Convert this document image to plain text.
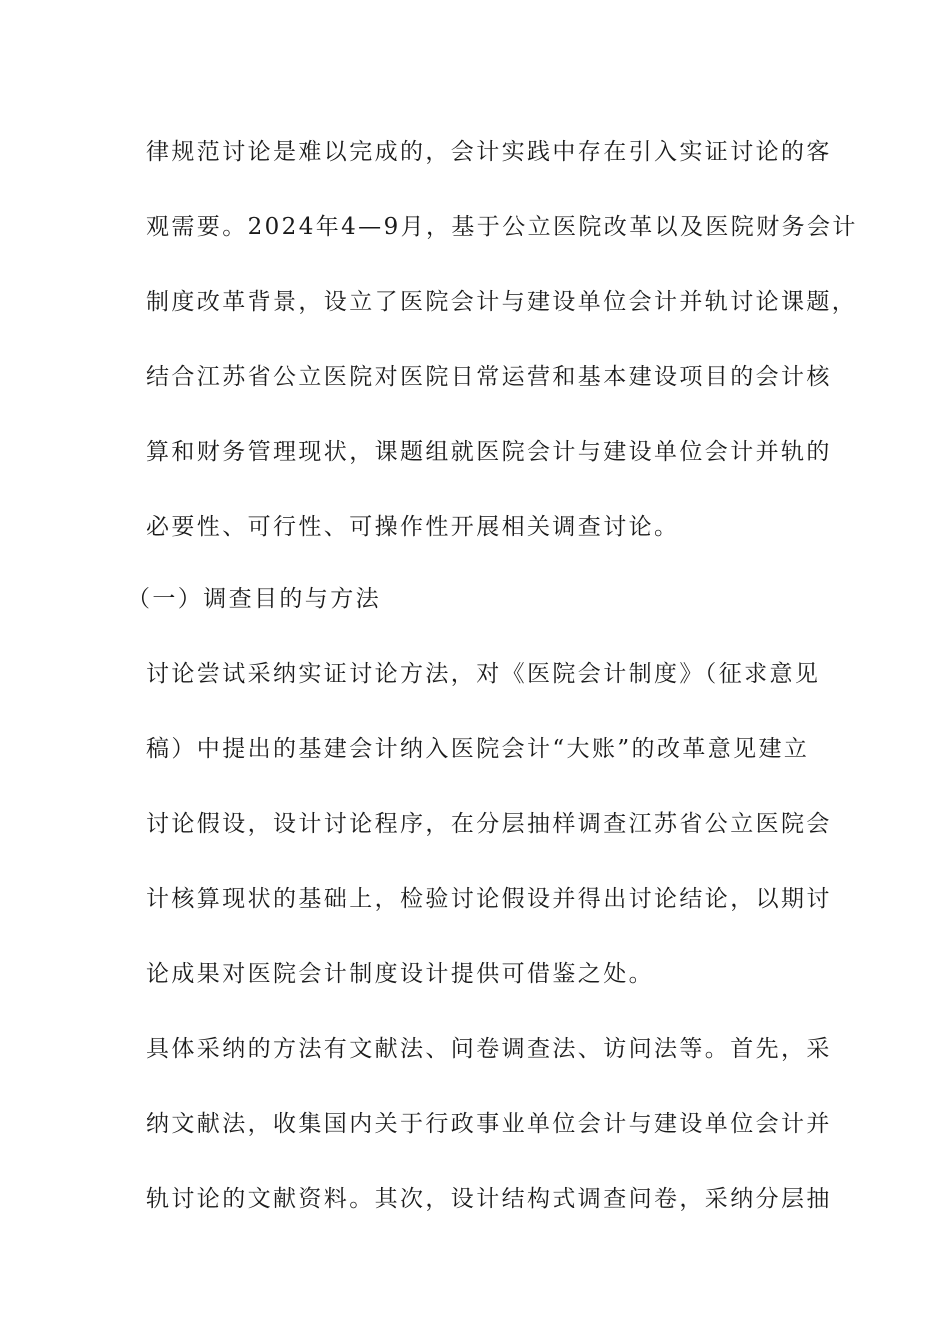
律规范讨论是难以完成的，会计实践中存在引入实证讨论的客
观需要。2024年4—9月，基于公立医院改革以及医院财务会计
制度改革背景，设立了医院会计与建设单位会计并轨讨论课题，
结合江苏省公立医院对医院日常运营和基本建设项目的会计核
算和财务管理现状，课题组就医院会计与建设单位会计并轨的
必要性、可行性、可操作性开展相关调查讨论。
（一）调查目的与方法
讨论尝试采纳实证讨论方法，对《医院会计制度》（征求意见
稿）中提出的基建会计纳入医院会计“大账”的改革意见建立
讨论假设，设计讨论程序，在分层抽样调查江苏省公立医院会
计核算现状的基础上，检验讨论假设并得出讨论结论，以期讨
论成果对医院会计制度设计提供可借鉴之处。
具体采纳的方法有文献法、问卷调查法、访问法等。首先，采
纳文献法，收集国内关于行政事业单位会计与建设单位会计并
轨讨论的文献资料。其次，设计结构式调查问卷，采纳分层抽
